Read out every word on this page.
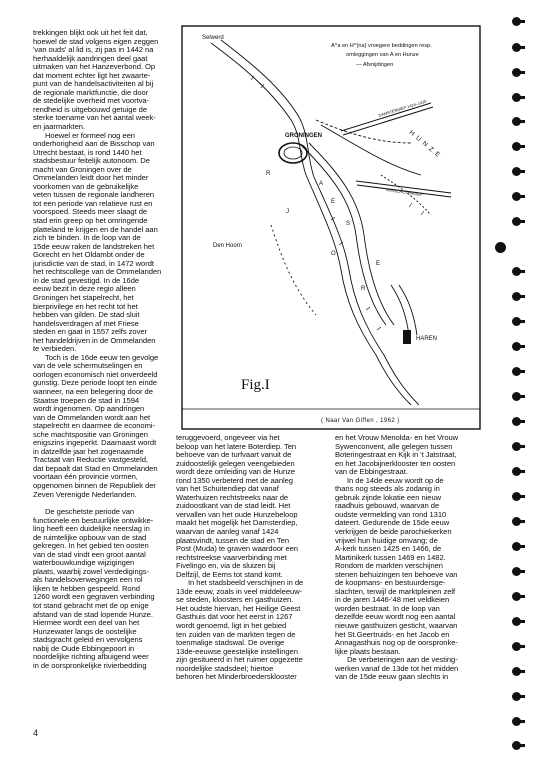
trekkingen blijkt ook uit het feit dat,

hoewel de stad volgens eigen zeggen

'van ouds' al lid is, zij pas in 1442 na

herhaaldelijk aandringen deel gaat

uitmaken van het Hanzeverbond. Op

dat moment echter ligt het zwaarte-

punt van de handelsactiviteiten al bij

de regionale marktfunctie, die door

de stedelijke overheid met voortva-

rendheid is uitgebouwd getuige de

sterke toename van het aantal week-

en jaarmarkten.

Hoewel er formeel nog een

onderhorigheid aan de Bisschop van

Utrecht bestaat, is rond 1440 het

stadsbestuur feitelijk autonoom. De

macht van Groningen over de

Ommelanden leidt door het minder

voorkomen van de gebruikelijke

veten tussen de regionale landheren

tot een periode van relatieve rust en

voorspoed. Steeds meer slaagt de

stad erin greep op het omringende

platteland te krijgen en de handel aan

zich te binden. In de loop van de

15de eeuw raken de landstreken het

Gorecht en het Oldambt onder de

jurisdictie van de stad, in 1472 wordt

het rechtscollege van de Ommelanden

in de stad gevestigd. In de 16de

eeuw bezit in deze regio alleen

Groningen het stapelrecht, het

bierprivilege en het recht tot het

hebben van gilden. De stad sluit

handelsverdragen af met Friese

steden en gaat in 1557 zelfs zover

het handeldrijven in de Ommelanden

te verbieden.

Toch is de 16de eeuw ten gevolge

van de vele schermutselingen en

oorlogen economisch niet onverdeeld

gunstig. Deze periode loopt ten einde

wanneer, na een belegering door de

Staatse troepen de stad in 1594

wordt ingenomen. Op aandringen

van de Ommelanden wordt aan het

stapelrecht en daarmee de economi-

sche machtspositie van Groningen

enigszins ingeperkt. Daarnaast wordt

in datzelfde jaar het zogenaamde

Tractaat van Reductie vastgesteld,

dat bepaalt dat Stad en Ommelanden

voortaan één provincie vormen,

opgenomen binnen de Republiek der

Zeven Verenigde Nederlanden.

De geschetste periode van

functionele en bestuurlijke ontwikke-

ling heeft een duidelijke neerslag in

de ruimtelijke opbouw van de stad

gekregen. In het gebied ten oosten

van de stad vindt een groot aantal

waterbouwkundige wijzigingen

plaats, waarbij zowel verdedigings-

als handelsoverwegingen een rol

lijken te hebben gespeeld. Rond

1260 wordt een gegraven verbinding

tot stand gebracht met de op enige

afstand van de stad lopende Hunze.

Hiermee wordt een deel van het

Hunzewater langs de oostelijke

stadsgracht geleid en vervolgens

nabij de Oude Ebbingepoort in

noordelijke richting afbuigend weer

in de oorspronkelijke rivierbedding

teruggevoerd, ongeveer via het

beloop van het latere Boterdiep. Ten

behoeve van de turfvaart vanuit de

zuidoostelijk gelegen veengebieden

wordt deze omleiding van de Hunze

rond 1350 verbeterd met de aanleg

van het Schuitendiep dat vanaf

Waterhuizen rechtstreeks naar de

zuidoostkant van de stad leidt. Het

vervallen van het oude Hunzebeloop

maakt het mogelijk het Damsterdiep,

waarvan de aanleg vanaf 1424

plaatsvindt, tussen de stad en Ten

Post (Muda) te graven waardoor een

rechtstreekse vaarverbinding met

Fivelingo en, via de sluizen bij

Delfzijl, de Eems tot stand komt.

In het stadsbeeld verschijnen in de

13de eeuw, zoals in veel middeleeuw-

se steden, kloosters en gasthuizen.

Het oudste hiervan, het Heilige Geest

Gasthuis dat voor het eerst in 1267

wordt genoemd, ligt in het gebied

ten zuiden van de markten tegen de

toenmalige stadswal. De overige

13de-eeuwse geestelijke instellingen

zijn gesitueerd in het ruimer opgezette

noordelijke stadsdeel; hiertoe

behoren het Minderbroedersklooster

en het Vrouw Menolda- en het Vrouw

Sywenconvent, alle gelegen tussen

Boteringestraat en Kijk in 't Jatstraat,

en het Jacobijnerklooster ten oosten

van de Ebbingestraat.

In de 14de eeuw wordt op de

thans nog steeds als zodanig in

gebruik zijnde lokatie een nieuw

raadhuis gebouwd, waarvan de

oudste vermelding van rond 1310

dateert. Gedurende de 15de eeuw

verkrijgen de beide parochiekerken

vrijwel hun huidige omvang; de

A-kerk tussen 1425 en 1466, de

Martinikerk tussen 1469 en 1482.

Rondom de markten verschijnen

stenen behuizingen ten behoeve van

de koopmans- en bestuurdersge-

slachten, terwijl de marktpleinen zelf

in de jaren 1446-'48 met veldkeien

worden bestraat. In de loop van

dezelfde eeuw wordt nog een aantal

nieuwe gasthuizen gesticht, waarvan

het St.Geertruids- en het Jacob en

Annagasthuis nog op de oorspronke-

lijke plaats bestaan.

De verbeteringen aan de vesting-

werken vanaf de 13de tot het midden

van de 15de eeuw gaan slechts in

A^a en H^{na} vroegere beddingen resp.
omleggingen van A en Hunze
— Afsnijdingen
Selwerd
GRONINGEN	H U N Z E
DAMSTERDIEP 1424–1430
WINSCHOTERDIEP
Den Hoorn
HAREN
A
E
R
J
S
O
E
R
Fig.I
( Naar Van Giffen , 1962 )
4
